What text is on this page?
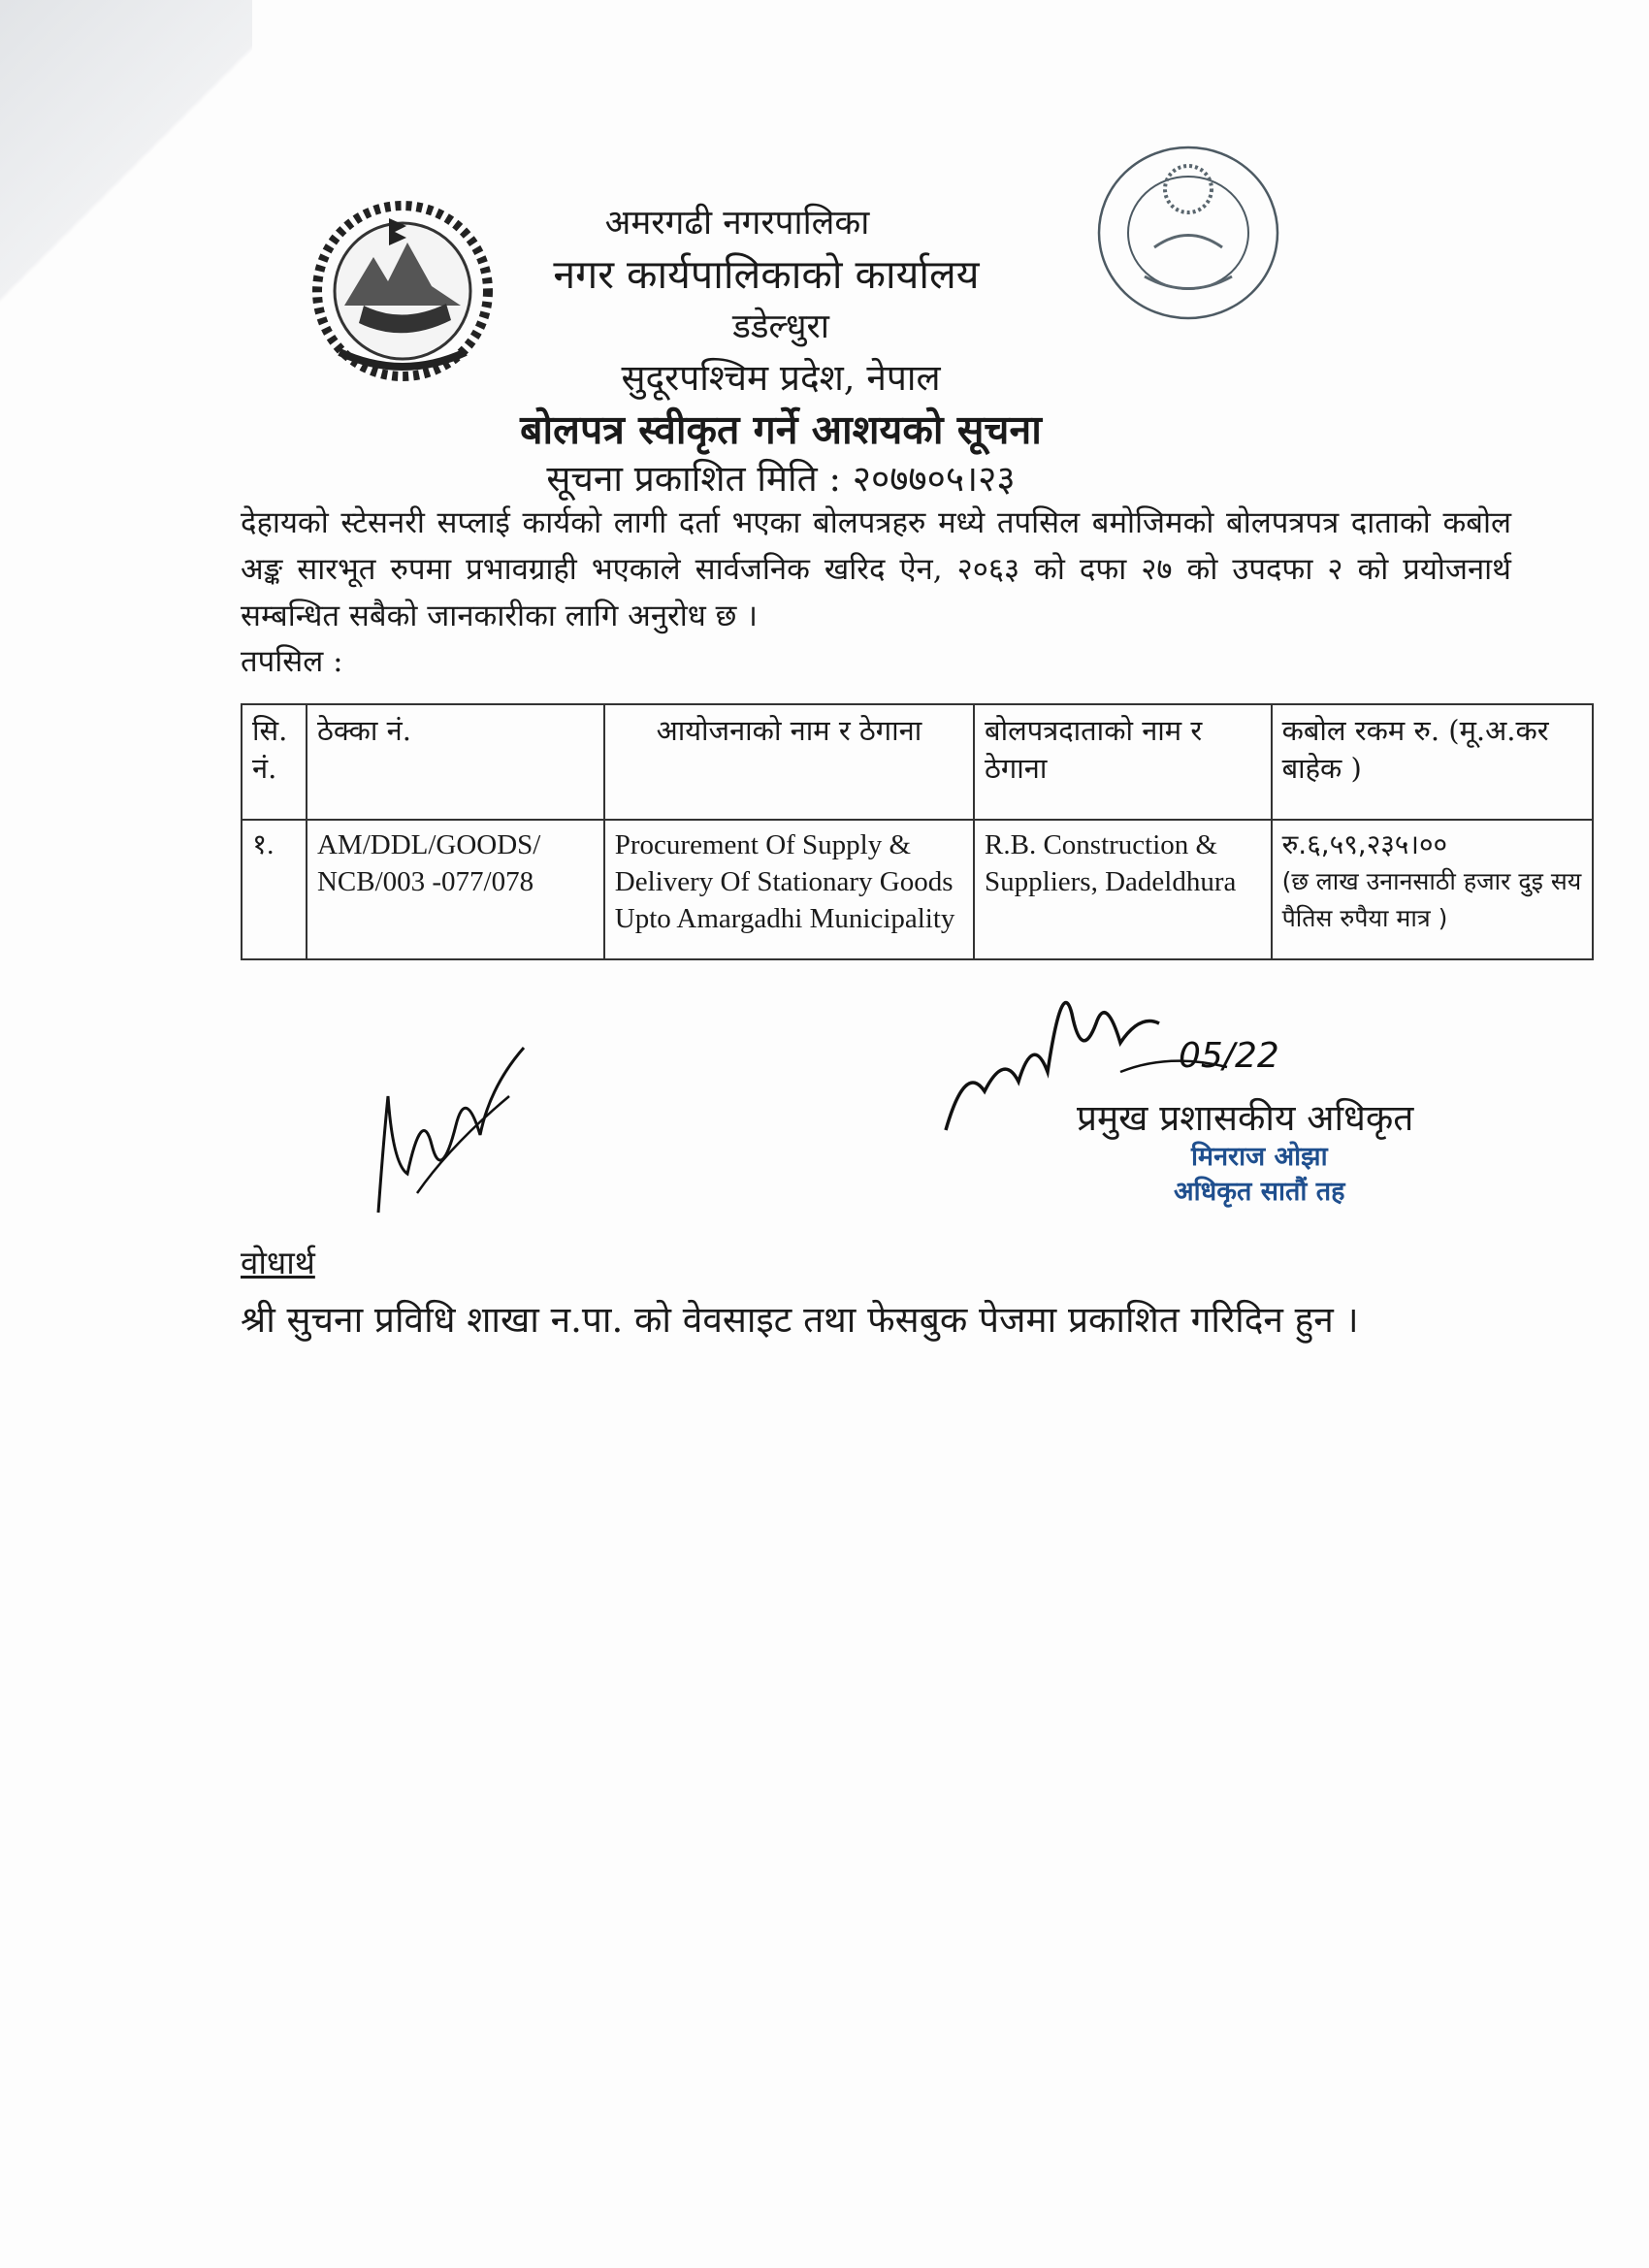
अमरगढी नगरपालिका
नगर कार्यपालिकाको कार्यालय
डडेल्धुरा
सुदूरपश्चिम प्रदेश, नेपाल
बोलपत्र स्वीकृत गर्ने आशयको सूचना
सूचना प्रकाशित मिति : २०७७०५।२३
देहायको स्टेसनरी सप्लाई कार्यको लागी दर्ता भएका बोलपत्रहरु मध्ये तपसिल बमोजिमको बोलपत्रपत्र दाताको कबोल अङ्क सारभूत रुपमा प्रभावग्राही भएकाले सार्वजनिक खरिद ऐन, २०६३ को दफा २७ को उपदफा २ को प्रयोजनार्थ सम्बन्धित सबैको जानकारीका लागि अनुरोध छ ।
तपसिल :
सि. नं.	ठेक्का नं.	आयोजनाको नाम र ठेगाना	बोलपत्रदाताको नाम र ठेगाना	कबोल रकम रु. (मू.अ.कर बाहेक )
१.	AM/DDL/GOODS/ NCB/003 -077/078	Procurement Of Supply & Delivery Of Stationary Goods Upto Amargadhi Municipality	R.B. Construction & Suppliers, Dadeldhura	रु.६,५९,२३५।००
(छ लाख उनानसाठी हजार दुइ सय पैतिस रुपैया मात्र )
05/22
प्रमुख प्रशासकीय अधिकृत
मिनराज ओझा
अधिकृत सातौं तह
वोधार्थ
श्री सुचना प्रविधि शाखा न.पा. को वेवसाइट तथा फेसबुक पेजमा प्रकाशित गरिदिन हुन ।
